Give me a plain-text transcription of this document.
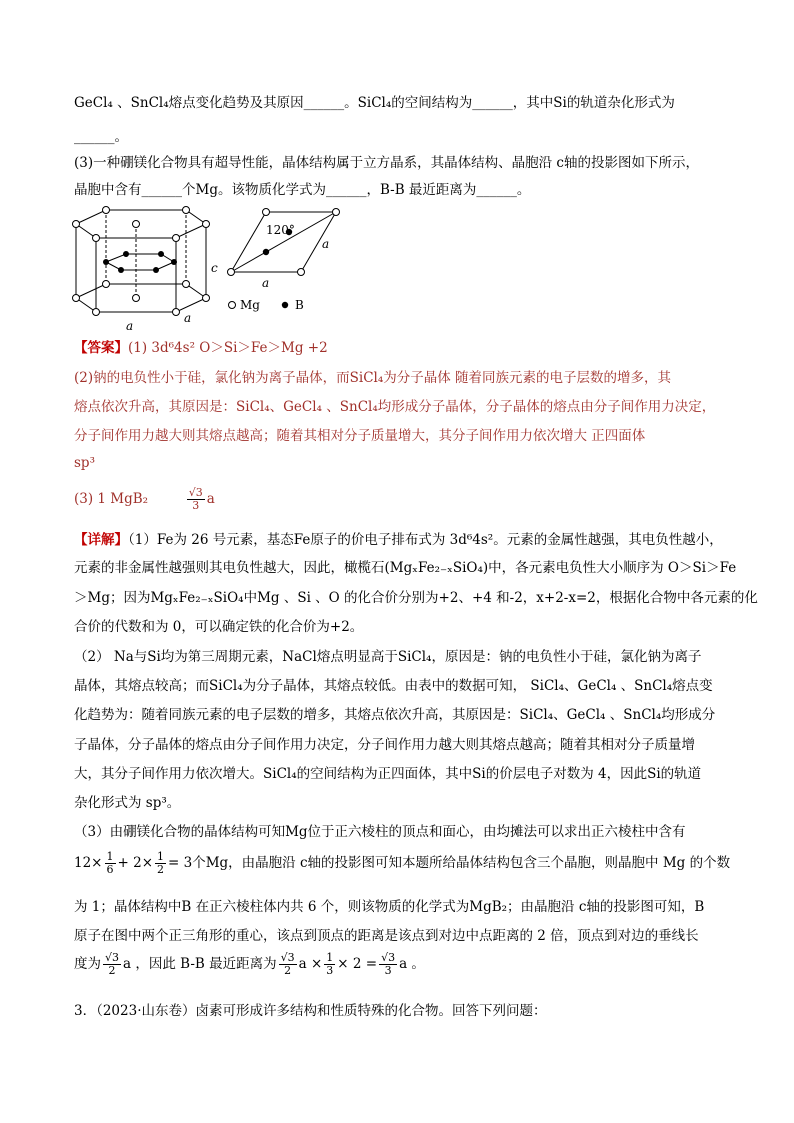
GeCl₄ 、SnCl₄熔点变化趋势及其原因______。SiCl₄的空间结构为______，其中Si的轨道杂化形式为
______。
(3)一种硼镁化合物具有超导性能，晶体结构属于立方晶系，其晶体结构、晶胞沿 c轴的投影图如下所示，
晶胞中含有______个Mg。该物质化学式为______，B-B 最近距离为______。
c
a
a
120°
a
a
Mg	B
【答案】(1) 3d⁶4s² O＞Si＞Fe＞Mg +2
(2)钠的电负性小于硅，氯化钠为离子晶体，而SiCl₄为分子晶体 随着同族元素的电子层数的增多，其
熔点依次升高，其原因是：SiCl₄、GeCl₄ 、SnCl₄均形成分子晶体，分子晶体的熔点由分子间作用力决定，
分子间作用力越大则其熔点越高；随着其相对分子质量增大，其分子间作用力依次增大 正四面体
sp³
(3) 1 MgB₂	$\frac{√3}{3}$ a
【详解】（1）Fe为 26 号元素，基态Fe原子的价电子排布式为 3d⁶4s²。元素的金属性越强，其电负性越小，
元素的非金属性越强则其电负性越大，因此，橄榄石(MgₓFe₂₋ₓSiO₄)中，各元素电负性大小顺序为 O＞Si＞Fe
＞Mg；因为MgₓFe₂₋ₓSiO₄中Mg 、Si 、O 的化合价分别为+2、+4 和-2，x+2-x=2，根据化合物中各元素的化
合价的代数和为 0，可以确定铁的化合价为+2。
（2） Na与Si均为第三周期元素，NaCl熔点明显高于SiCl₄，原因是：钠的电负性小于硅，氯化钠为离子
晶体，其熔点较高；而SiCl₄为分子晶体，其熔点较低。由表中的数据可知， SiCl₄、GeCl₄ 、SnCl₄熔点变
化趋势为：随着同族元素的电子层数的增多，其熔点依次升高，其原因是：SiCl₄、GeCl₄ 、SnCl₄均形成分
子晶体，分子晶体的熔点由分子间作用力决定，分子间作用力越大则其熔点越高；随着其相对分子质量增
大，其分子间作用力依次增大。SiCl₄的空间结构为正四面体，其中Si的价层电子对数为 4，因此Si的轨道
杂化形式为 sp³。
（3）由硼镁化合物的晶体结构可知Mg位于正六棱柱的顶点和面心，由均摊法可以求出正六棱柱中含有
$12\times \frac{1}{6} + 2\times \frac{1}{2} = 3$个Mg，由晶胞沿 c轴的投影图可知本题所给晶体结构包含三个晶胞，则晶胞中 Mg 的个数
为 1；晶体结构中B 在正六棱柱体内共 6 个，则该物质的化学式为MgB₂；由晶胞沿 c轴的投影图可知，B
原子在图中两个正三角形的重心，该点到顶点的距离是该点到对边中点距离的 2 倍，顶点到对边的垂线长
度为 $\frac{√3}{2}$ a ，因此 B-B 最近距离为 $\frac{√3}{2}$ $a \times \frac{1}{3} \times 2 = \frac{√3}{3}$ a 。
3．（2023·山东卷）卤素可形成许多结构和性质特殊的化合物。回答下列问题：
